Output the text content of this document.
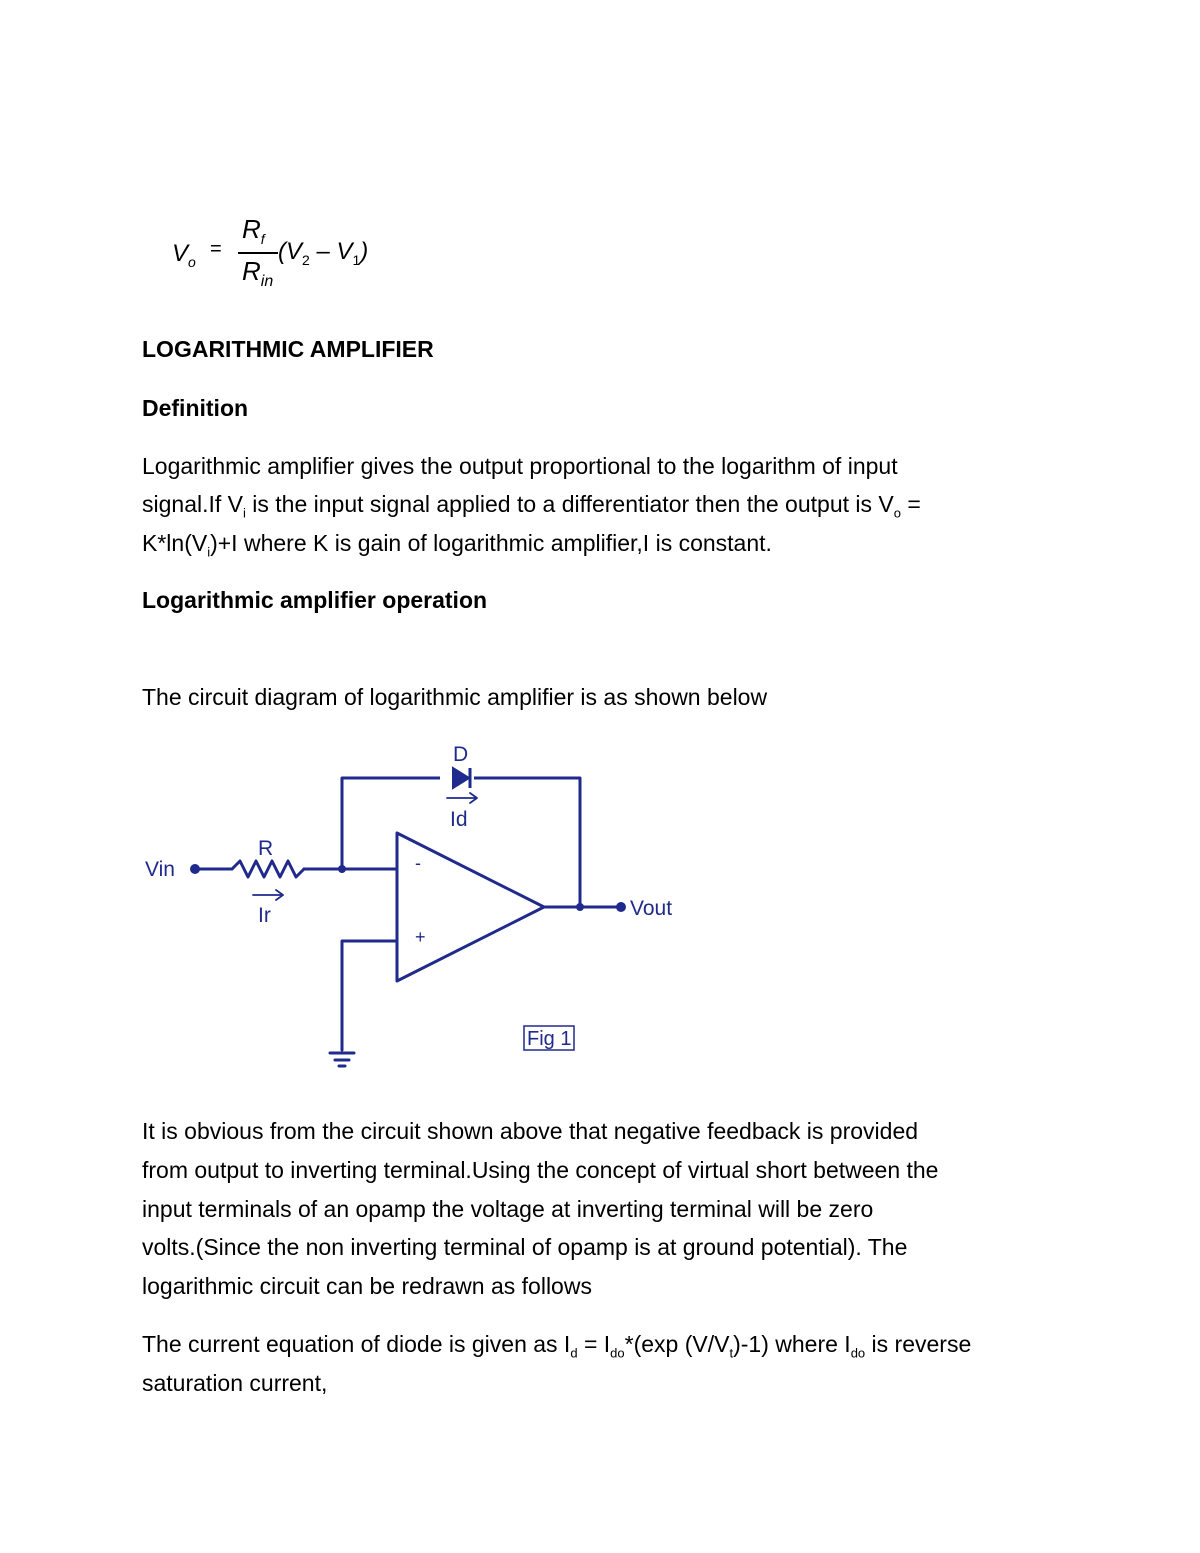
$V_o$
=
$R_f$
$R_{in}$
$(V_2 - V_1)$
LOGARITHMIC AMPLIFIER
Definition
Logarithmic amplifier gives the output proportional to the logarithm of input
signal.If $V_i$ is the input signal applied to a differentiator then the output is $V_o$ =
$K*\ln(V_i)+I$ where K is gain of logarithmic amplifier,I is constant.
Logarithmic amplifier operation
The circuit diagram of logarithmic amplifier is as shown below
D
Id
R
Ir
Vin
Vout
-
+
Fig 1
It is obvious from the circuit shown above that negative feedback is provided
from output to inverting terminal.Using the concept of virtual short between the
input terminals of an opamp the voltage at inverting terminal will be zero
volts.(Since the non inverting terminal of opamp is at ground potential). The
logarithmic circuit can be redrawn as follows
The current equation of diode is given as $I_d = I_{do}*(\exp$ $(V/V_t)-1$) where $I_{do}$ is reverse
saturation current,
